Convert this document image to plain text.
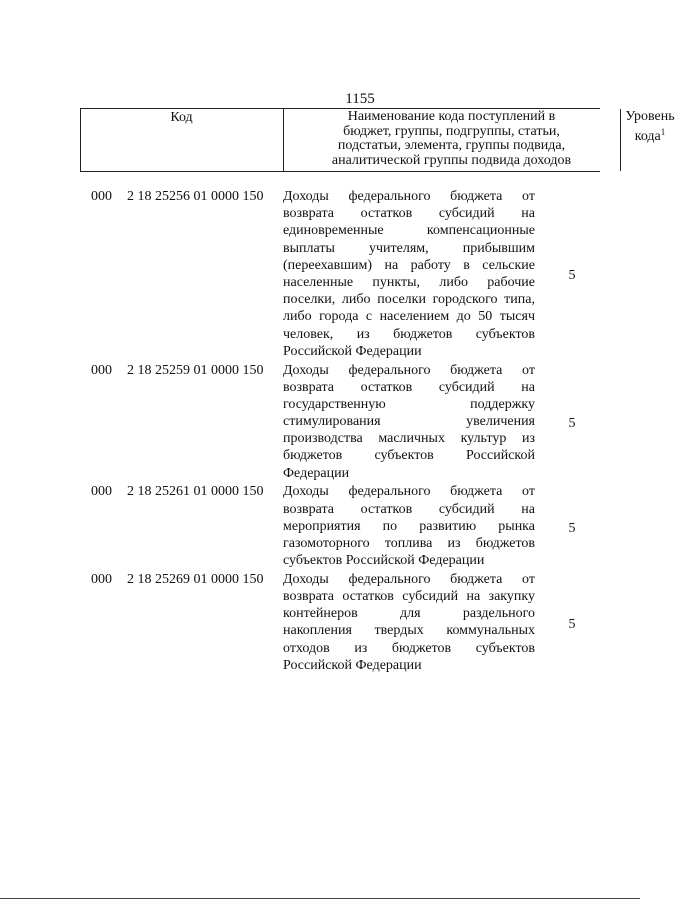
1155
Код	Наименование кода поступлений в
бюджет, группы, подгруппы, статьи,
подстатьи, элемента, группы подвида,
аналитической группы подвида доходов
Уровень
кода$^1$
000 2 18 25256 01 0000 150 Доходы федерального бюджета от
возврата остатков субсидий на
единовременные компенсационные
выплаты учителям, прибывшим
(переехавшим) на работу в сельские
населенные пункты, либо рабочие
поселки, либо поселки городского типа,
либо города с населением до 50 тысяч
человек, из бюджетов субъектов
Российской Федерации
5
000 2 18 25259 01 0000 150 Доходы федерального бюджета от
возврата остатков субсидий на
государственную поддержку
стимулирования увеличения
производства масличных культур из
бюджетов субъектов Российской
Федерации
5
000 2 18 25261 01 0000 150 Доходы федерального бюджета от
возврата остатков субсидий на
мероприятия по развитию рынка
газомоторного топлива из бюджетов
субъектов Российской Федерации
5
000 2 18 25269 01 0000 150 Доходы федерального бюджета от
возврата остатков субсидий на закупку
контейнеров для раздельного
накопления твердых коммунальных
отходов из бюджетов субъектов
Российской Федерации
5
